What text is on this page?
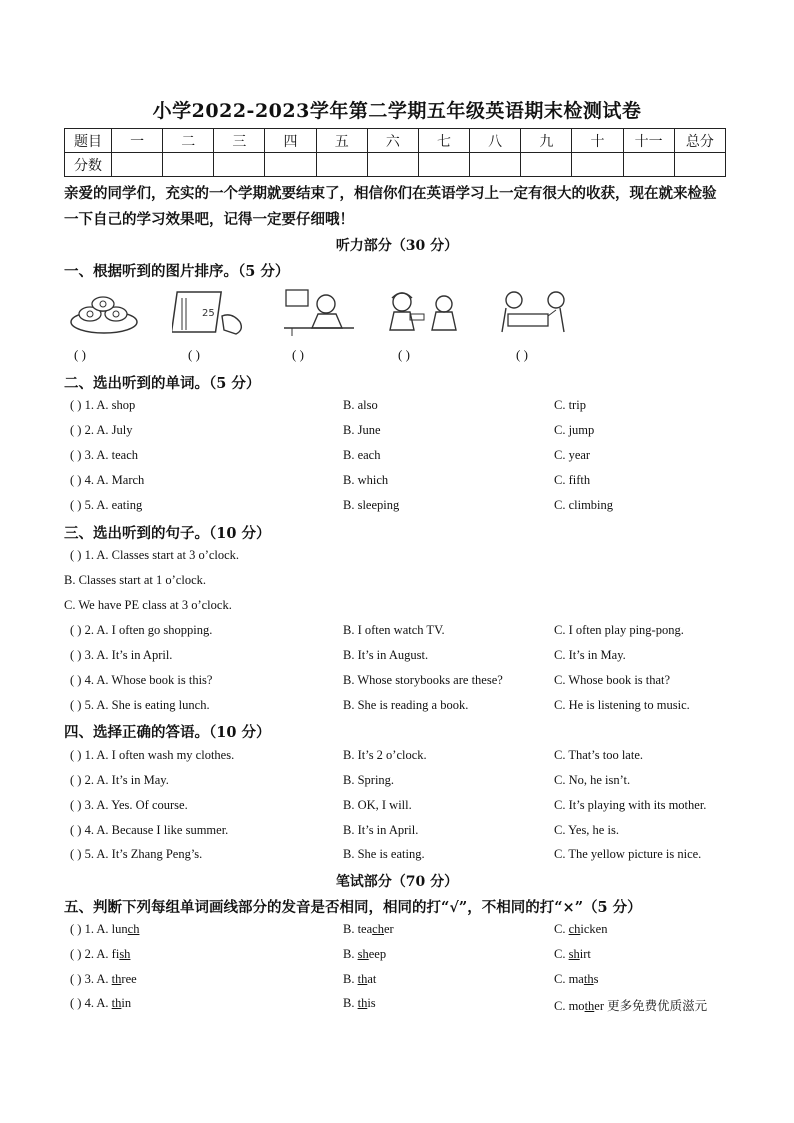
小学2022-2023学年第二学期五年级英语期末检测试卷
题目	一	二	三	四	五	六	七	八	九	十	十一	总分
分数												
亲爱的同学们，充实的一个学期就要结束了，相信你们在英语学习上一定有很大的收获，现在就来检验一下自己的学习效果吧，记得一定要仔细哦！
听力部分（30 分）
一、根据听到的图片排序。（5 分）
25
( )	( )	( )	( )	( )
二、选出听到的单词。（5 分）
( ) 1. A. shop	B. also	C. trip
( ) 2. A. July	B. June	C. jump
( ) 3. A. teach	B. each	C. year
( ) 4. A. March	B. which	C. fifth
( ) 5. A. eating	B. sleeping	C. climbing
三、选出听到的句子。（10 分）
( ) 1. A. Classes start at 3 o’clock.
B. Classes start at 1 o’clock.
C. We have PE class at 3 o’clock.
( ) 2. A. I often go shopping.	B. I often watch TV.	C. I often play ping-pong.
( ) 3. A. It’s in April.	B. It’s in August.	C. It’s in May.
( ) 4. A. Whose book is this?	B. Whose storybooks are these?	C. Whose book is that?
( ) 5. A. She is eating lunch.	B. She is reading a book.	C. He is listening to music.
四、选择正确的答语。（10 分）
( ) 1. A. I often wash my clothes.	B. It’s 2 o’clock.	C. That’s too late.
( ) 2. A. It’s in May.	B. Spring.	C. No, he isn’t.
( ) 3. A. Yes. Of course.	B. OK, I will.	C. It’s playing with its mother.
( ) 4. A. Because I like summer.	B. It’s in April.	C. Yes, he is.
( ) 5. A. It’s Zhang Peng’s.	B. She is eating.	C. The yellow picture is nice.
笔试部分（70 分）
五、判断下列每组单词画线部分的发音是否相同，相同的打“√”，不相同的打“×”（5 分）
( ) 1. A. lunch	B. teacher	C. chicken
( ) 2. A. fish	B. sheep	C. shirt
( ) 3. A. three	B. that	C. maths
( ) 4. A. thin	B. this	C. mother 更多免费优质滋元
